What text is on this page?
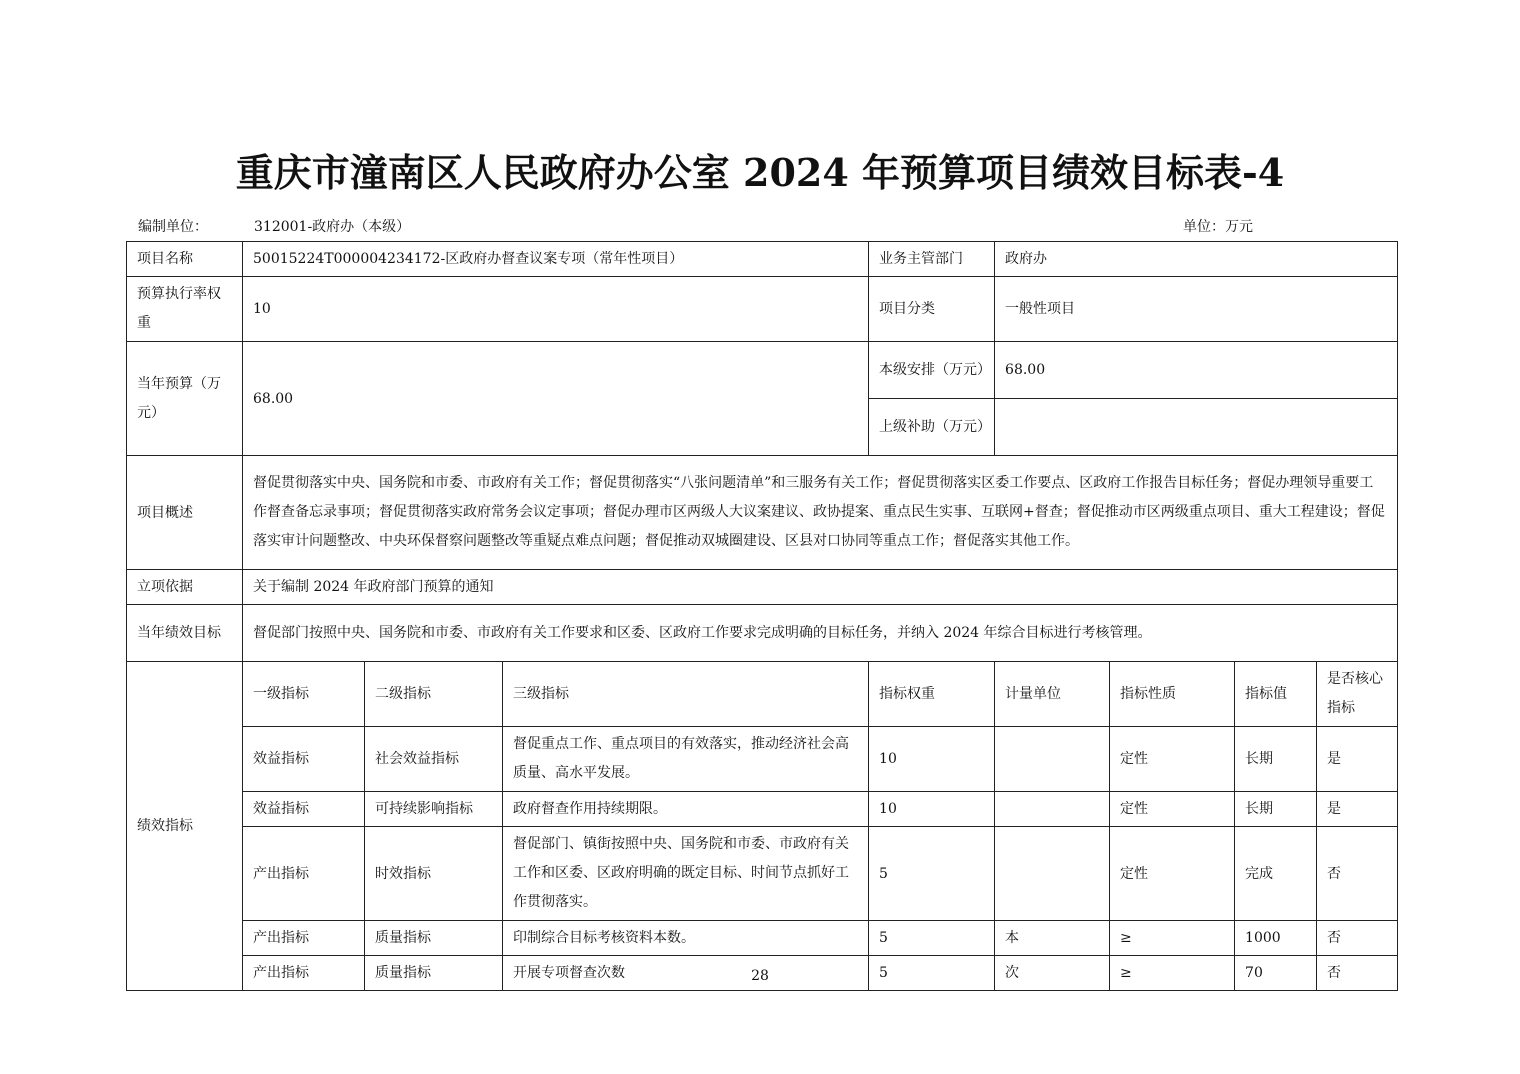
重庆市潼南区人民政府办公室 2024 年预算项目绩效目标表-4
编制单位：	312001-政府办（本级）	单位：万元
项目名称	50015224T000004234172-区政府办督查议案专项（常年性项目）			业务主管部门	政府办			
预算执行率权重	10			项目分类	一般性项目			
当年预算（万元）	68.00			本级安排（万元）	68.00			
				上级补助（万元）				
项目概述	督促贯彻落实中央、国务院和市委、市政府有关工作；督促贯彻落实“八张问题清单”和三服务有关工作；督促贯彻落实区委工作要点、区政府工作报告目标任务；督促办理领导重要工作督查备忘录事项；督促贯彻落实政府常务会议定事项；督促办理市区两级人大议案建议、政协提案、重点民生实事、互联网+督查；督促推动市区两级重点项目、重大工程建设；督促落实审计问题整改、中央环保督察问题整改等重疑点难点问题；督促推动双城圈建设、区县对口协同等重点工作；督促落实其他工作。							
立项依据	关于编制 2024 年政府部门预算的通知							
当年绩效目标	督促部门按照中央、国务院和市委、市政府有关工作要求和区委、区政府工作要求完成明确的目标任务，并纳入 2024 年综合目标进行考核管理。							
绩效指标	一级指标	二级指标	三级指标	指标权重	计量单位	指标性质	指标值	是否核心指标
	效益指标	社会效益指标	督促重点工作、重点项目的有效落实，推动经济社会高质量、高水平发展。	10		定性	长期	是
	效益指标	可持续影响指标	政府督查作用持续期限。	10		定性	长期	是
	产出指标	时效指标	督促部门、镇街按照中央、国务院和市委、市政府有关工作和区委、区政府明确的既定目标、时间节点抓好工作贯彻落实。	5		定性	完成	否
	产出指标	质量指标	印制综合目标考核资料本数。	5	本	≥	1000	否
	产出指标	质量指标	开展专项督查次数	5	次	≥	70	否
28
